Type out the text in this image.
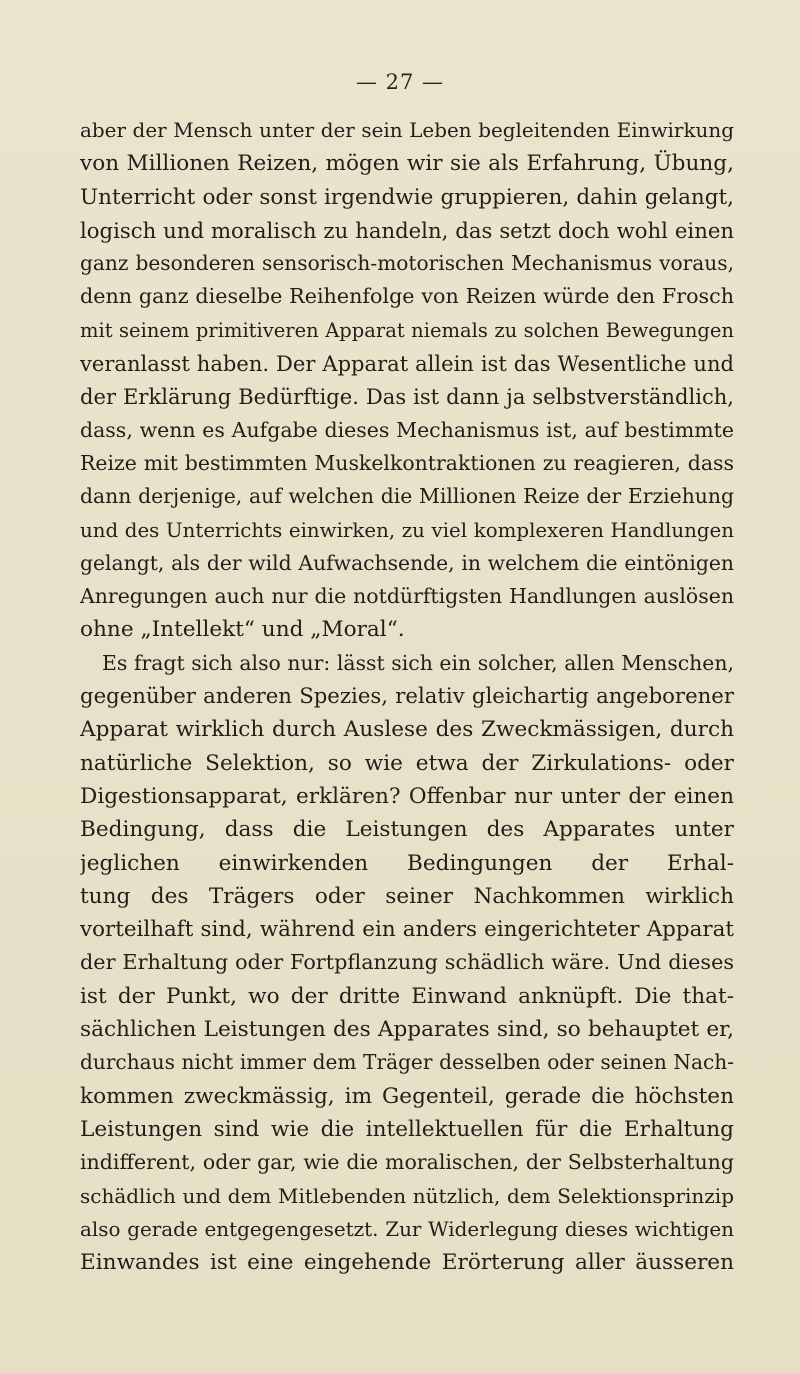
— 27 —
aber der Mensch unter der sein Leben begleitenden Einwirkung
von Millionen Reizen, mögen wir sie als Erfahrung, Übung,
Unterricht oder sonst irgendwie gruppieren, dahin gelangt,
logisch und moralisch zu handeln, das setzt doch wohl einen
ganz besonderen sensorisch-motorischen Mechanismus voraus,
denn ganz dieselbe Reihenfolge von Reizen würde den Frosch
mit seinem primitiveren Apparat niemals zu solchen Bewegungen
veranlasst haben. Der Apparat allein ist das Wesentliche und
der Erklärung Bedürftige. Das ist dann ja selbstverständlich,
dass, wenn es Aufgabe dieses Mechanismus ist, auf bestimmte
Reize mit bestimmten Muskelkontraktionen zu reagieren, dass
dann derjenige, auf welchen die Millionen Reize der Erziehung
und des Unterrichts einwirken, zu viel komplexeren Handlungen
gelangt, als der wild Aufwachsende, in welchem die eintönigen
Anregungen auch nur die notdürftigsten Handlungen auslösen
ohne „Intellekt“ und „Moral“.
Es fragt sich also nur: lässt sich ein solcher, allen Menschen,
gegenüber anderen Spezies, relativ gleichartig angeborener
Apparat wirklich durch Auslese des Zweckmässigen, durch
natürliche Selektion, so wie etwa der Zirkulations- oder
Digestionsapparat, erklären? Offenbar nur unter der einen
Bedingung, dass die Leistungen des Apparates unter
jeglichen einwirkenden Bedingungen der Erhal-
tung des Trägers oder seiner Nachkommen wirklich
vorteilhaft sind, während ein anders eingerichteter Apparat
der Erhaltung oder Fortpflanzung schädlich wäre. Und dieses
ist der Punkt, wo der dritte Einwand anknüpft. Die that-
sächlichen Leistungen des Apparates sind, so behauptet er,
durchaus nicht immer dem Träger desselben oder seinen Nach-
kommen zweckmässig, im Gegenteil, gerade die höchsten
Leistungen sind wie die intellektuellen für die Erhaltung
indifferent, oder gar, wie die moralischen, der Selbsterhaltung
schädlich und dem Mitlebenden nützlich, dem Selektionsprinzip
also gerade entgegengesetzt. Zur Widerlegung dieses wichtigen
Einwandes ist eine eingehende Erörterung aller äusseren
